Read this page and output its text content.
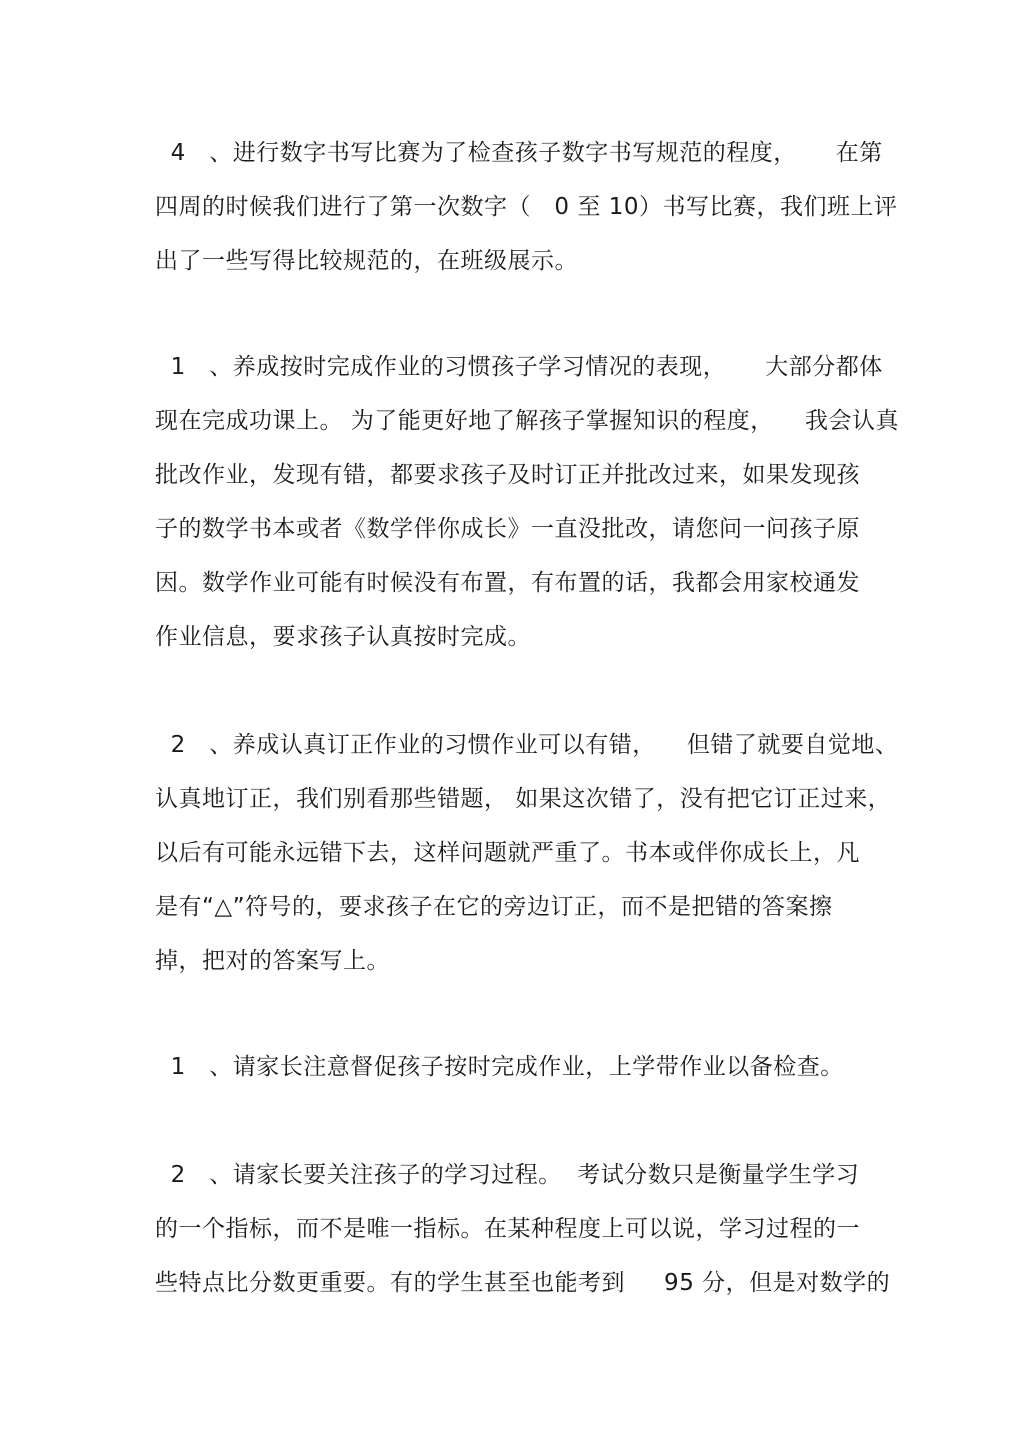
4   、进行数字书写比赛为了检查孩子数字书写规范的程度，     在第
四周的时候我们进行了第一次数字（   0 至 10）书写比赛，我们班上评
出了一些写得比较规范的，在班级展示。
1   、养成按时完成作业的习惯孩子学习情况的表现，     大部分都体
现在完成功课上。 为了能更好地了解孩子掌握知识的程度，    我会认真
批改作业，发现有错，都要求孩子及时订正并批改过来，如果发现孩
子的数学书本或者《数学伴你成长》一直没批改，请您问一问孩子原
因。数学作业可能有时候没有布置，有布置的话，我都会用家校通发
作业信息，要求孩子认真按时完成。
2   、养成认真订正作业的习惯作业可以有错，    但错了就要自觉地、
认真地订正，我们别看那些错题， 如果这次错了，没有把它订正过来，
以后有可能永远错下去，这样问题就严重了。书本或伴你成长上，凡
是有“△”符号的，要求孩子在它的旁边订正，而不是把错的答案擦
掉，把对的答案写上。
1   、请家长注意督促孩子按时完成作业，上学带作业以备检查。
2   、请家长要关注孩子的学习过程。  考试分数只是衡量学生学习
的一个指标，而不是唯一指标。在某种程度上可以说，学习过程的一
些特点比分数更重要。有的学生甚至也能考到     95 分，但是对数学的
